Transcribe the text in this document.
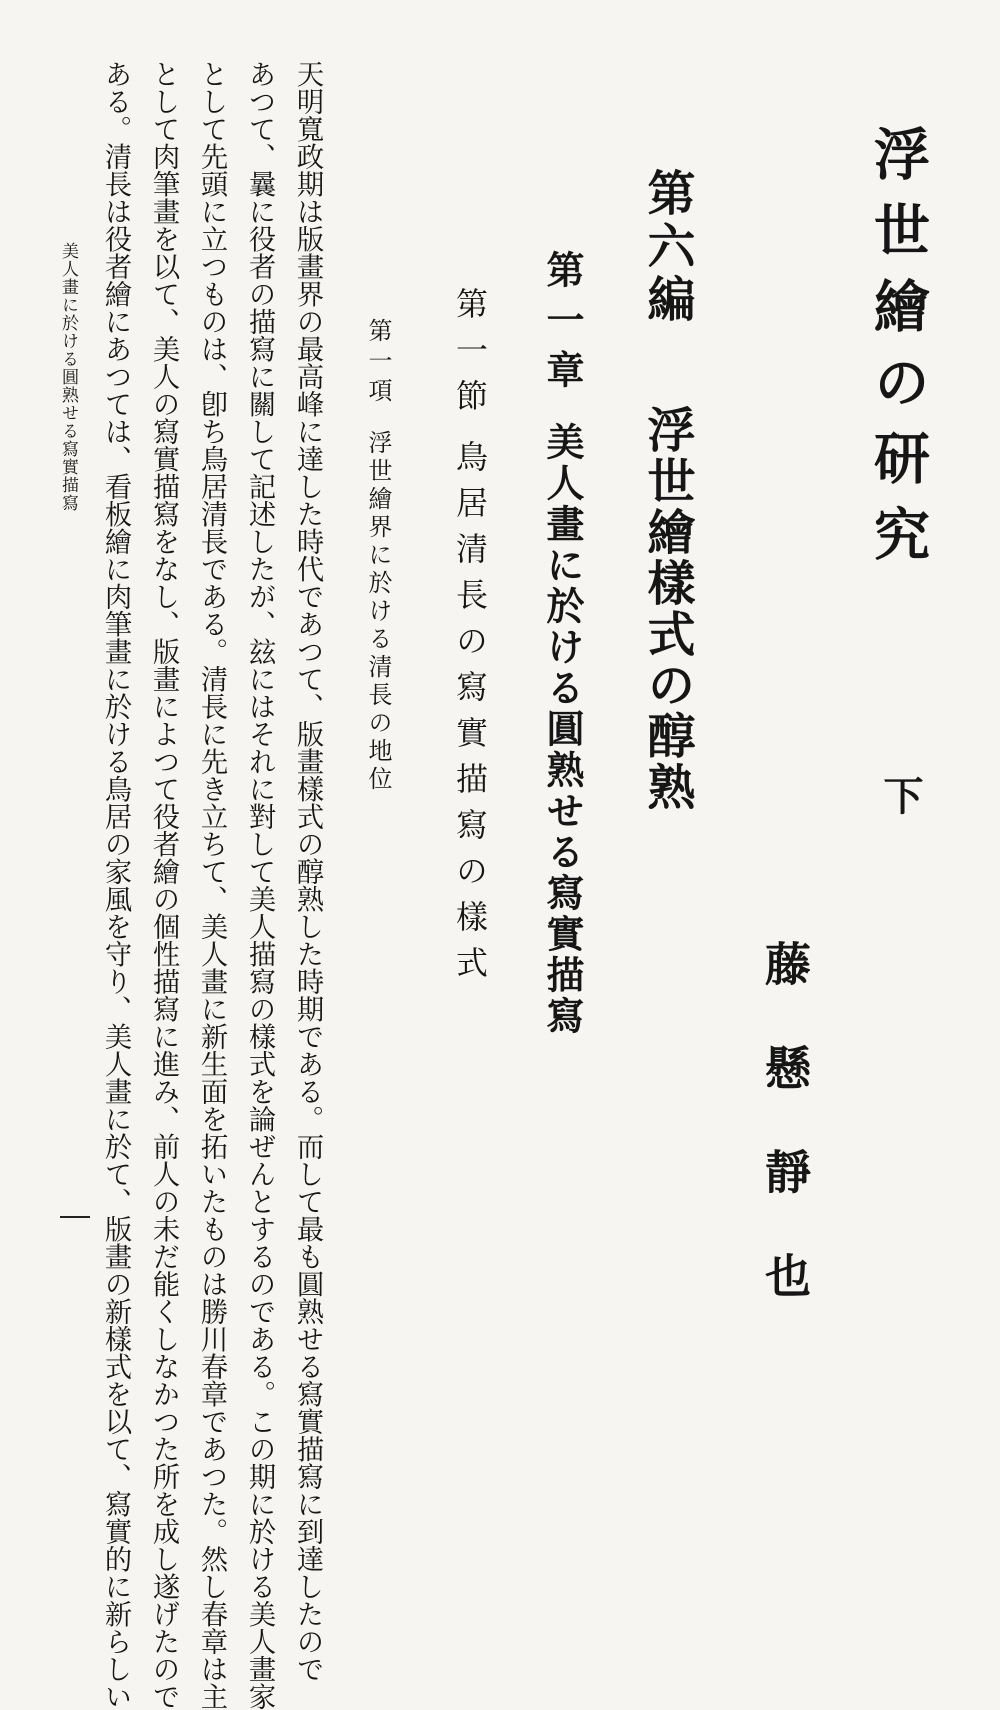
浮世繪の研究
下
藤懸靜也
第六編
浮世繪樣式の醇熟
第一章
美人畫に於ける圓熟せる寫實描寫
第一節
鳥居清長の寫實描寫の樣式
第一項
浮世繪界に於ける清長の地位
天明寬政期は版畫界の最高峰に達した時代であつて、版畫樣式の醇熟した時期である。而して最も圓熟せる寫實描寫に到達したので
あつて、曩に役者の描寫に關して記述したが、玆にはそれに對して美人描寫の樣式を論ぜんとするのである。この期に於ける美人畫家
として先頭に立つものは、卽ち鳥居清長である。清長に先き立ちて、美人畫に新生面を拓いたものは勝川春章であつた。然し春章は主
として肉筆畫を以て、美人の寫實描寫をなし、版畫によつて役者繪の個性描寫に進み、前人の未だ能くしなかつた所を成し遂げたので
ある。清長は役者繪にあつては、看板繪に肉筆畫に於ける鳥居の家風を守り、美人畫に於て、版畫の新樣式を以て、寫實的に新らしい
美人畫に於ける圓熟せる寫實描寫
